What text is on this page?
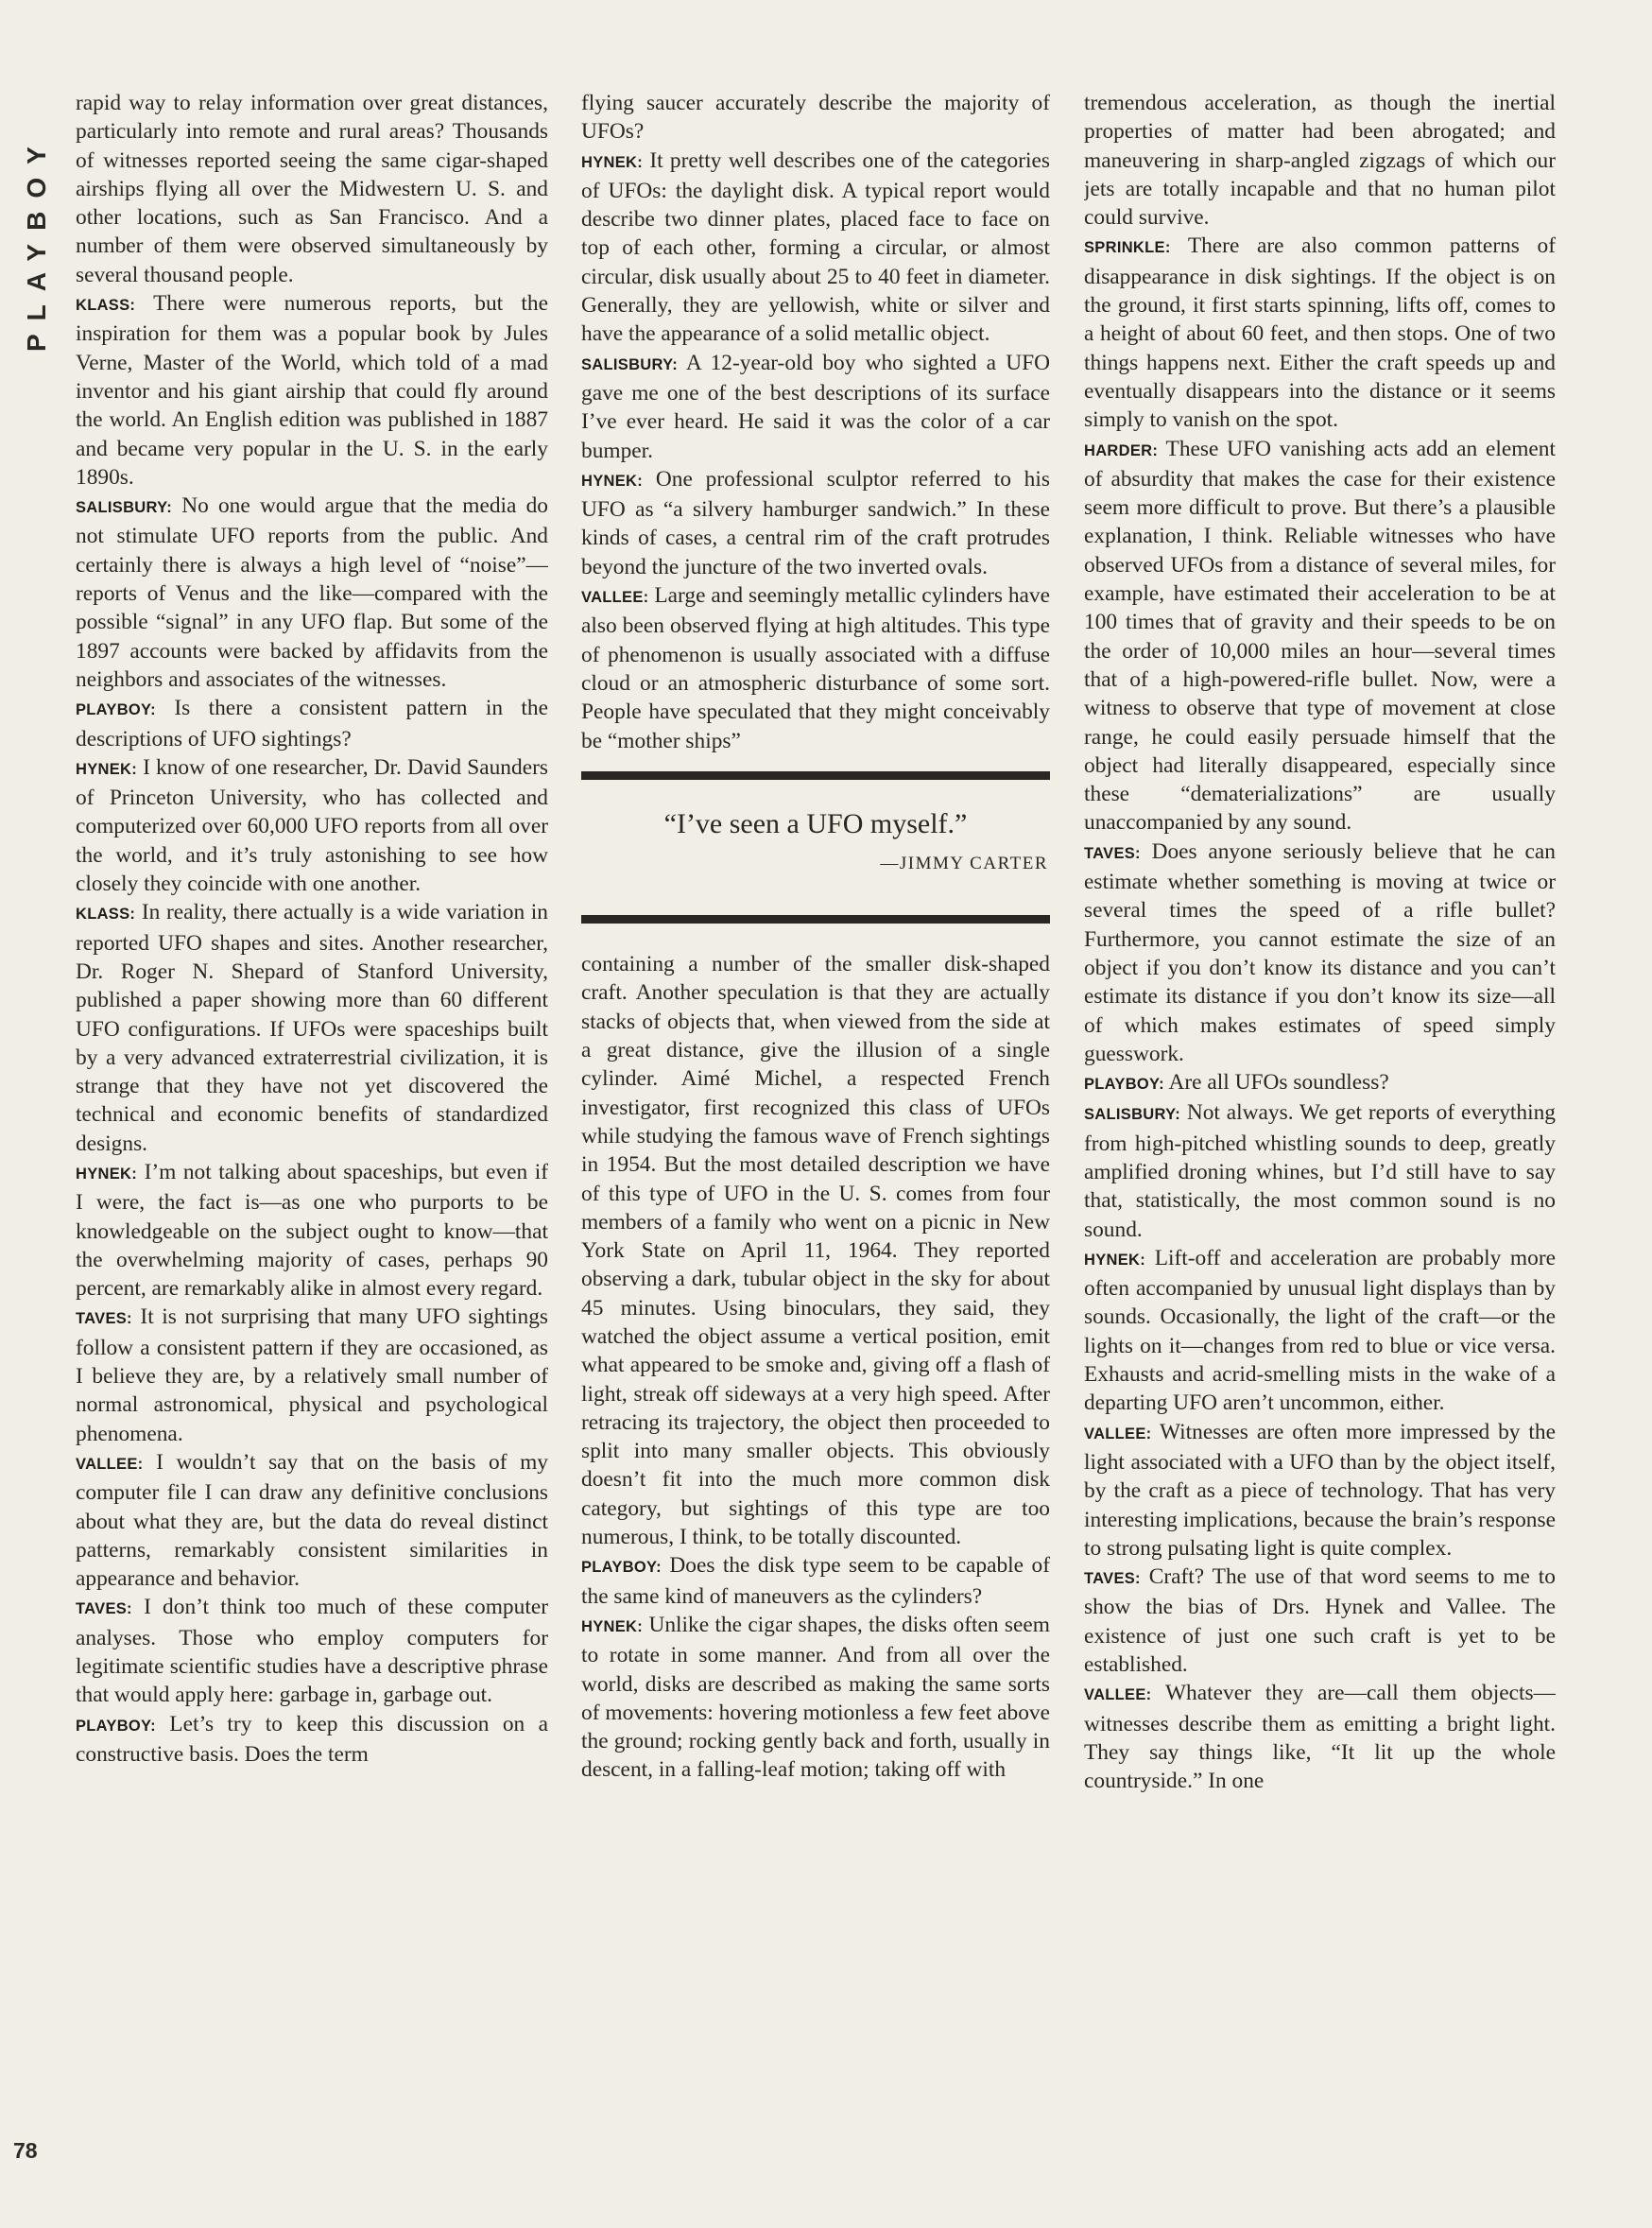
PLAYBOY
78

rapid way to relay information over great distances, particularly into remote and rural areas? Thousands of witnesses reported seeing the same cigar-shaped airships flying all over the Midwestern U. S. and other locations, such as San Francisco. And a number of them were observed simultaneously by several thousand people.

KLASS: There were numerous reports, but the inspiration for them was a popular book by Jules Verne, Master of the World, which told of a mad inventor and his giant airship that could fly around the world. An English edition was published in 1887 and became very popular in the U. S. in the early 1890s.

SALISBURY: No one would argue that the media do not stimulate UFO reports from the public. And certainly there is always a high level of “noise”—reports of Venus and the like—compared with the possible “signal” in any UFO flap. But some of the 1897 accounts were backed by affidavits from the neighbors and associates of the witnesses.

PLAYBOY: Is there a consistent pattern in the descriptions of UFO sightings?

HYNEK: I know of one researcher, Dr. David Saunders of Princeton University, who has collected and computerized over 60,000 UFO reports from all over the world, and it’s truly astonishing to see how closely they coincide with one another.

KLASS: In reality, there actually is a wide variation in reported UFO shapes and sites. Another researcher, Dr. Roger N. Shepard of Stanford University, published a paper showing more than 60 different UFO configurations. If UFOs were spaceships built by a very advanced extraterrestrial civilization, it is strange that they have not yet discovered the technical and economic benefits of standardized designs.

HYNEK: I’m not talking about spaceships, but even if I were, the fact is—as one who purports to be knowledgeable on the subject ought to know—that the overwhelming majority of cases, perhaps 90 percent, are remarkably alike in almost every regard.

TAVES: It is not surprising that many UFO sightings follow a consistent pattern if they are occasioned, as I believe they are, by a relatively small number of normal astronomical, physical and psychological phenomena.

VALLEE: I wouldn’t say that on the basis of my computer file I can draw any definitive conclusions about what they are, but the data do reveal distinct patterns, remarkably consistent similarities in appearance and behavior.

TAVES: I don’t think too much of these computer analyses. Those who employ computers for legitimate scientific studies have a descriptive phrase that would apply here: garbage in, garbage out.

PLAYBOY: Let’s try to keep this discussion on a constructive basis. Does the term

flying saucer accurately describe the majority of UFOs?

HYNEK: It pretty well describes one of the categories of UFOs: the daylight disk. A typical report would describe two dinner plates, placed face to face on top of each other, forming a circular, or almost circular, disk usually about 25 to 40 feet in diameter. Generally, they are yellowish, white or silver and have the appearance of a solid metallic object.

SALISBURY: A 12-year-old boy who sighted a UFO gave me one of the best descriptions of its surface I’ve ever heard. He said it was the color of a car bumper.

HYNEK: One professional sculptor referred to his UFO as “a silvery hamburger sandwich.” In these kinds of cases, a central rim of the craft protrudes beyond the juncture of the two inverted ovals.

VALLEE: Large and seemingly metallic cylinders have also been observed flying at high altitudes. This type of phenomenon is usually associated with a diffuse cloud or an atmospheric disturbance of some sort. People have speculated that they might conceivably be “mother ships”

“I’ve seen a UFO myself.”
—JIMMY CARTER

containing a number of the smaller disk-shaped craft. Another speculation is that they are actually stacks of objects that, when viewed from the side at a great distance, give the illusion of a single cylinder. Aimé Michel, a respected French investigator, first recognized this class of UFOs while studying the famous wave of French sightings in 1954. But the most detailed description we have of this type of UFO in the U. S. comes from four members of a family who went on a picnic in New York State on April 11, 1964. They reported observing a dark, tubular object in the sky for about 45 minutes. Using binoculars, they said, they watched the object assume a vertical position, emit what appeared to be smoke and, giving off a flash of light, streak off sideways at a very high speed. After retracing its trajectory, the object then proceeded to split into many smaller objects. This obviously doesn’t fit into the much more common disk category, but sightings of this type are too numerous, I think, to be totally discounted.

PLAYBOY: Does the disk type seem to be capable of the same kind of maneuvers as the cylinders?

HYNEK: Unlike the cigar shapes, the disks often seem to rotate in some manner. And from all over the world, disks are described as making the same sorts of movements: hovering motionless a few feet above the ground; rocking gently back and forth, usually in descent, in a falling-leaf motion; taking off with

tremendous acceleration, as though the inertial properties of matter had been abrogated; and maneuvering in sharp-angled zigzags of which our jets are totally incapable and that no human pilot could survive.

SPRINKLE: There are also common patterns of disappearance in disk sightings. If the object is on the ground, it first starts spinning, lifts off, comes to a height of about 60 feet, and then stops. One of two things happens next. Either the craft speeds up and eventually disappears into the distance or it seems simply to vanish on the spot.

HARDER: These UFO vanishing acts add an element of absurdity that makes the case for their existence seem more difficult to prove. But there’s a plausible explanation, I think. Reliable witnesses who have observed UFOs from a distance of several miles, for example, have estimated their acceleration to be at 100 times that of gravity and their speeds to be on the order of 10,000 miles an hour—several times that of a high-powered-rifle bullet. Now, were a witness to observe that type of movement at close range, he could easily persuade himself that the object had literally disappeared, especially since these “dematerializations” are usually unaccompanied by any sound.

TAVES: Does anyone seriously believe that he can estimate whether something is moving at twice or several times the speed of a rifle bullet? Furthermore, you cannot estimate the size of an object if you don’t know its distance and you can’t estimate its distance if you don’t know its size—all of which makes estimates of speed simply guesswork.

PLAYBOY: Are all UFOs soundless?

SALISBURY: Not always. We get reports of everything from high-pitched whistling sounds to deep, greatly amplified droning whines, but I’d still have to say that, statistically, the most common sound is no sound.

HYNEK: Lift-off and acceleration are probably more often accompanied by unusual light displays than by sounds. Occasionally, the light of the craft—or the lights on it—changes from red to blue or vice versa. Exhausts and acrid-smelling mists in the wake of a departing UFO aren’t uncommon, either.

VALLEE: Witnesses are often more impressed by the light associated with a UFO than by the object itself, by the craft as a piece of technology. That has very interesting implications, because the brain’s response to strong pulsating light is quite complex.

TAVES: Craft? The use of that word seems to me to show the bias of Drs. Hynek and Vallee. The existence of just one such craft is yet to be established.

VALLEE: Whatever they are—call them objects—witnesses describe them as emitting a bright light. They say things like, “It lit up the whole countryside.” In one
